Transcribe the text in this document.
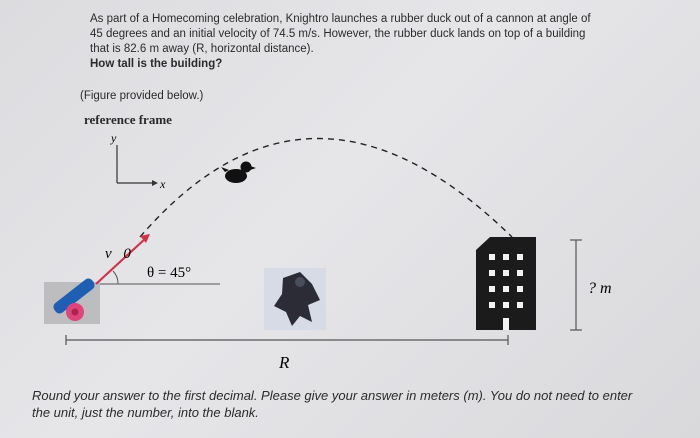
As part of a Homecoming celebration, Knightro launches a rubber duck out of a cannon at angle of 45 degrees and an initial velocity of 74.5 m/s. However, the rubber duck lands on top of a building that is 82.6 m away (R, horizontal distance).
How tall is the building?
(Figure provided below.)
reference frame
y
x
v⃗0
θ = 45°
? m
R
Round your answer to the first decimal. Please give your answer in meters (m). You do not need to enter the unit, just the number, into the blank.
